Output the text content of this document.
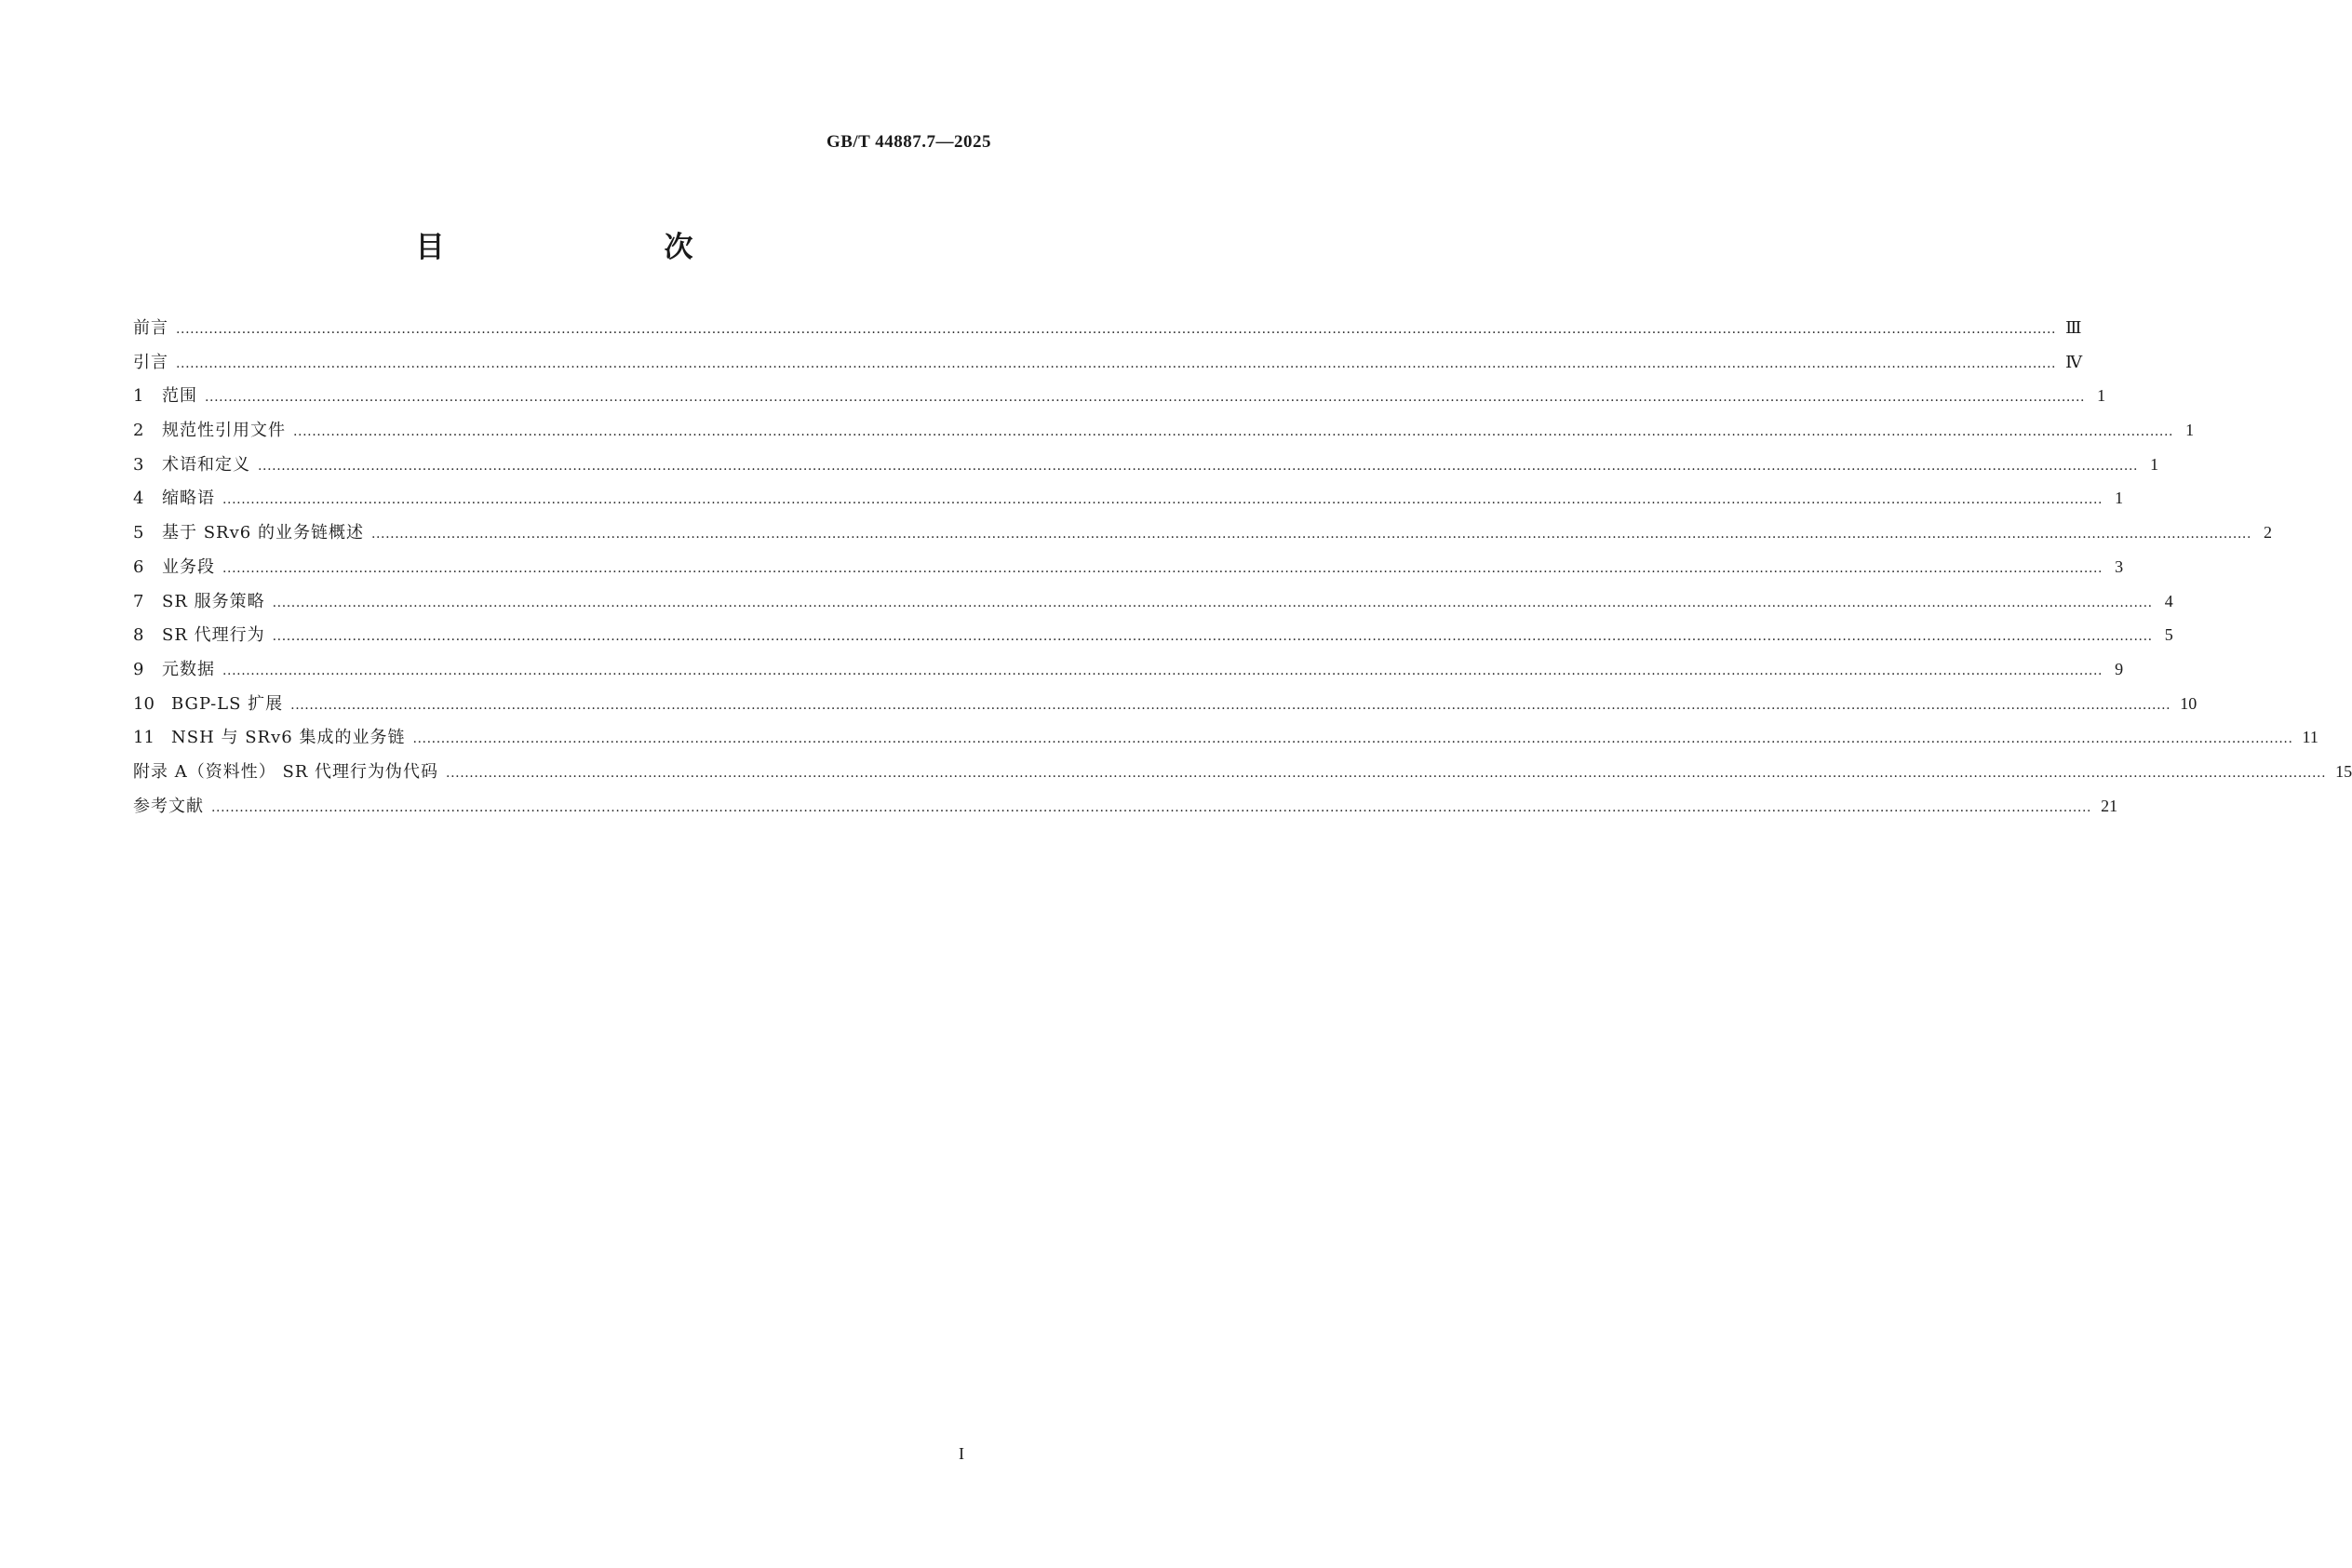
GB/T 44887.7—2025
目　　次
前言 ................................................................................................................................................................................................................................................................................................................................................................................................................ Ⅲ
引言 ................................................................................................................................................................................................................................................................................................................................................................................................................ Ⅳ
1	范围 ................................................................................................................................................................................................................................................................................................................................................................................................................ 1
2	规范性引用文件 ................................................................................................................................................................................................................................................................................................................................................................................................................ 1
3	术语和定义 ................................................................................................................................................................................................................................................................................................................................................................................................................ 1
4	缩略语 ................................................................................................................................................................................................................................................................................................................................................................................................................ 1
5	基于 SRv6 的业务链概述 ................................................................................................................................................................................................................................................................................................................................................................................................................ 2
6	业务段 ................................................................................................................................................................................................................................................................................................................................................................................................................ 3
7	SR 服务策略 ................................................................................................................................................................................................................................................................................................................................................................................................................ 4
8	SR 代理行为 ................................................................................................................................................................................................................................................................................................................................................................................................................ 5
9	元数据 ................................................................................................................................................................................................................................................................................................................................................................................................................ 9
10	BGP-LS 扩展 ................................................................................................................................................................................................................................................................................................................................................................................................................ 10
11	NSH 与 SRv6 集成的业务链 ................................................................................................................................................................................................................................................................................................................................................................................................................ 11
附录 A（资料性） SR 代理行为伪代码 ................................................................................................................................................................................................................................................................................................................................................................................................................ 15
参考文献 ................................................................................................................................................................................................................................................................................................................................................................................................................ 21
I
